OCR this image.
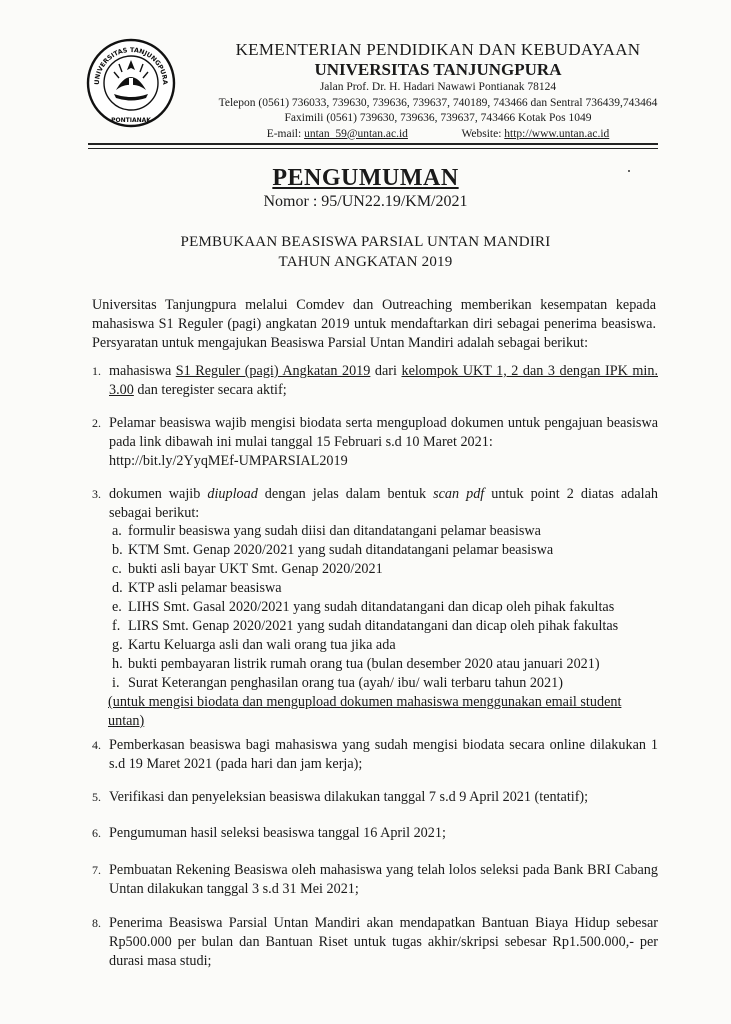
UNIVERSITAS TANJUNGPURA
PONTIANAK
KEMENTERIAN PENDIDIKAN DAN KEBUDAYAAN
UNIVERSITAS TANJUNGPURA
Jalan Prof. Dr. H. Hadari Nawawi Pontianak 78124
Telepon (0561) 736033, 739630, 739636, 739637, 740189, 743466 dan Sentral 736439,743464
Faximili (0561) 739630, 739636, 739637, 743466 Kotak Pos 1049
E-mail: untan_59@untan.ac.id	Website: http://www.untan.ac.id
PENGUMUMAN
Nomor : 95/UN22.19/KM/2021
PEMBUKAAN BEASISWA PARSIAL UNTAN MANDIRI
TAHUN ANGKATAN 2019
Universitas Tanjungpura melalui Comdev dan Outreaching memberikan kesempatan kepada mahasiswa S1 Reguler (pagi) angkatan 2019 untuk mendaftarkan diri sebagai penerima beasiswa. Persyaratan untuk mengajukan Beasiswa Parsial Untan Mandiri adalah sebagai berikut:
1. mahasiswa S1 Reguler (pagi) Angkatan 2019 dari kelompok UKT 1, 2 dan 3 dengan IPK min. 3.00 dan teregister secara aktif;
2. Pelamar beasiswa wajib mengisi biodata serta mengupload dokumen untuk pengajuan beasiswa pada link dibawah ini mulai tanggal 15 Februari s.d 10 Maret 2021:
http://bit.ly/2YyqMEf-UMPARSIAL2019
3. dokumen wajib diupload dengan jelas dalam bentuk scan pdf untuk point 2 diatas adalah sebagai berikut:
a. formulir beasiswa yang sudah diisi dan ditandatangani pelamar beasiswa
b. KTM Smt. Genap 2020/2021 yang sudah ditandatangani pelamar beasiswa
c. bukti asli bayar UKT Smt. Genap 2020/2021
d. KTP asli pelamar beasiswa
e. LIHS Smt. Gasal 2020/2021 yang sudah ditandatangani dan dicap oleh pihak fakultas
f. LIRS Smt. Genap 2020/2021 yang sudah ditandatangani dan dicap oleh pihak fakultas
g. Kartu Keluarga asli dan wali orang tua jika ada
h. bukti pembayaran listrik rumah orang tua (bulan desember 2020 atau januari 2021)
i. Surat Keterangan penghasilan orang tua (ayah/ ibu/ wali terbaru tahun 2021)
(untuk mengisi biodata dan mengupload dokumen mahasiswa menggunakan email student untan)
4. Pemberkasan beasiswa bagi mahasiswa yang sudah mengisi biodata secara online dilakukan 1 s.d 19 Maret 2021 (pada hari dan jam kerja);
5. Verifikasi dan penyeleksian beasiswa dilakukan tanggal 7 s.d 9 April 2021 (tentatif);
6. Pengumuman hasil seleksi beasiswa tanggal 16 April 2021;
7. Pembuatan Rekening Beasiswa oleh mahasiswa yang telah lolos seleksi pada Bank BRI Cabang Untan dilakukan tanggal 3 s.d 31 Mei 2021;
8. Penerima Beasiswa Parsial Untan Mandiri akan mendapatkan Bantuan Biaya Hidup sebesar Rp500.000 per bulan dan Bantuan Riset untuk tugas akhir/skripsi sebesar Rp1.500.000,- per durasi masa studi;
